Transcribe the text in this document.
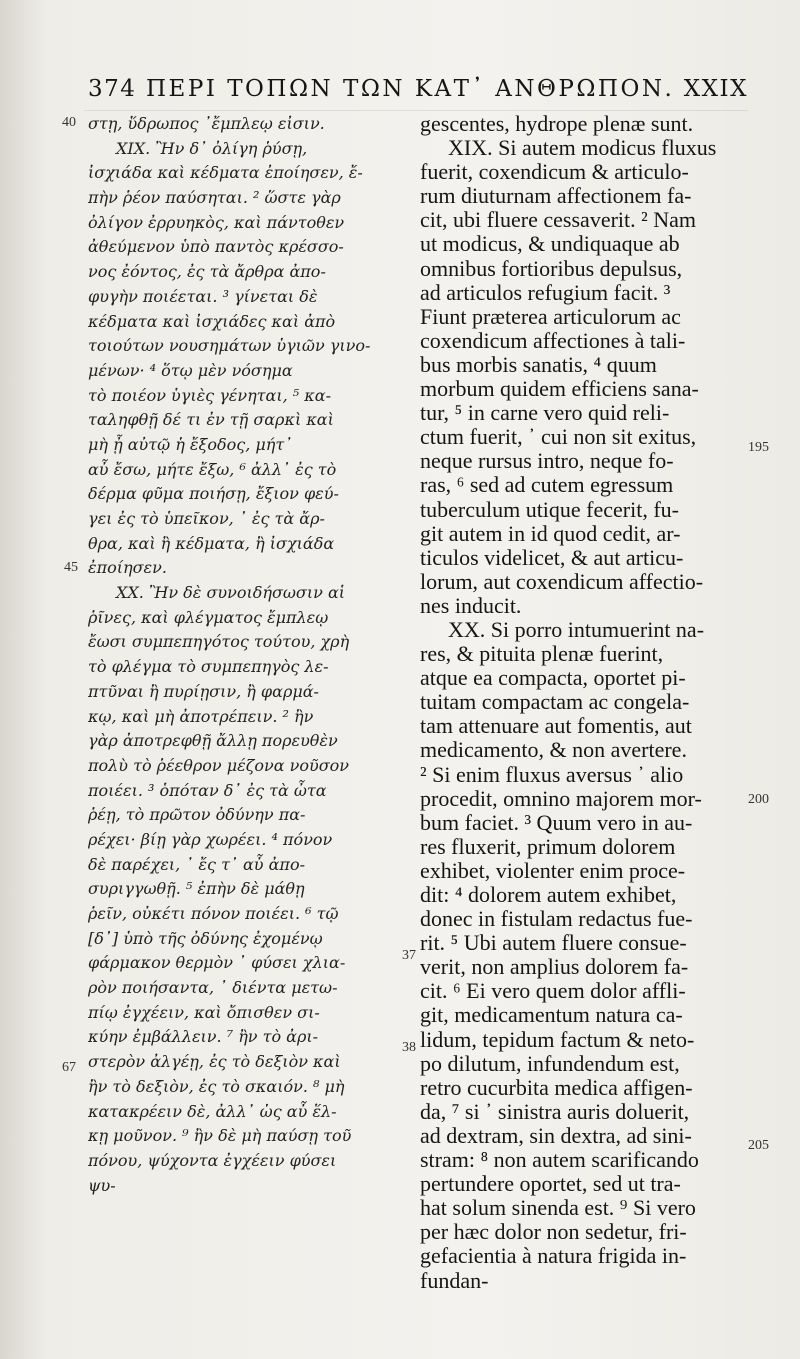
374 ΠΕΡΙ ΤΟΠΩΝ ΤΩΝ ΚΑΤ᾽ ΑΝΘΡΩΠΟΝ. XXIX
στῃ, ὕδρωπος ᾽ἔμπλεῳ εἰσιν.
XIX. Ἢν δ᾽ ὀλίγη ῥύσῃ,
ἰσχιάδα καὶ κέδματα ἐποίησεν, ἔ-
πὴν ῥέον παύσηται. ² ὥστε γὰρ
ὀλίγον ἐρρυηκὸς, καὶ πάντοθεν
ἀθεύμενον ὑπὸ παντὸς κρέσσο-
νος ἐόντος, ἐς τὰ ἄρθρα ἀπο-
φυγὴν ποιέεται. ³ γίνεται δὲ
κέδματα καὶ ἰσχιάδες καὶ ἀπὸ
τοιούτων νουσημάτων ὑγιῶν γινο-
μένων· ⁴ ὅτῳ μὲν νόσημα
τὸ ποιέον ὑγιὲς γένηται, ⁵ κα-
ταληφθῇ δέ τι ἐν τῇ σαρκὶ καὶ
μὴ ᾖ αὐτῷ ἡ ἔξοδος, μήτ᾽
αὖ ἔσω, μήτε ἔξω, ⁶ ἀλλ᾽ ἐς τὸ
δέρμα φῦμα ποιήσῃ, ἔξιον φεύ-
γει ἐς τὸ ὑπεῖκον, ᾽ ἐς τὰ ἄρ-
θρα, καὶ ἢ κέδματα, ἢ ἰσχιάδα
ἐποίησεν.
XX. Ἢν δὲ συνοιδήσωσιν αἱ
ῥῖνες, καὶ φλέγματος ἔμπλεῳ
ἔωσι συμπεπηγότος τούτου, χρὴ
τὸ φλέγμα τὸ συμπεπηγὸς λε-
πτῦναι ἢ πυρίῃσιν, ἢ φαρμά-
κῳ, καὶ μὴ ἀποτρέπειν. ² ἢν
γὰρ ἀποτρεφθῇ ἄλλῃ πορευθὲν
πολὺ τὸ ῥέεθρον μέζονα νοῦσον
ποιέει. ³ ὁπόταν δ᾽ ἐς τὰ ὦτα
ῥέῃ, τὸ πρῶτον ὀδύνην πα-
ρέχει· βίῃ γὰρ χωρέει. ⁴ πόνον
δὲ παρέχει, ᾽ ἔς τ᾽ αὖ ἀπο-
συριγγωθῇ. ⁵ ἐπὴν δὲ μάθῃ
ῥεῖν, οὐκέτι πόνον ποιέει. ⁶ τῷ
[δ᾽] ὑπὸ τῆς ὀδύνης ἐχομένῳ
φάρμακον θερμὸν ᾽ φύσει χλια-
ρὸν ποιήσαντα, ᾽ διέντα μετω-
πίῳ ἐγχέειν, καὶ ὄπισθεν σι-
κύην ἐμβάλλειν. ⁷ ἢν τὸ ἀρι-
στερὸν ἀλγέῃ, ἐς τὸ δεξιὸν καὶ
ἢν τὸ δεξιὸν, ἐς τὸ σκαιόν. ⁸ μὴ
κατακρέειν δὲ, ἀλλ᾽ ὡς αὖ ἕλ-
κῃ μοῦνον. ⁹ ἢν δὲ μὴ παύσῃ τοῦ
πόνου, ψύχοντα ἐγχέειν φύσει
ψυ-
gescentes, hydrope plenæ sunt.
XIX. Si autem modicus fluxus
fuerit, coxendicum & articulo-
rum diuturnam affectionem fa-
cit, ubi fluere cessaverit. ² Nam
ut modicus, & undiquaque ab
omnibus fortioribus depulsus,
ad articulos refugium facit. ³
Fiunt præterea articulorum ac
coxendicum affectiones à tali-
bus morbis sanatis, ⁴ quum
morbum quidem efficiens sana-
tur, ⁵ in carne vero quid reli-
ctum fuerit, ᾽ cui non sit exitus,
neque rursus intro, neque fo-
ras, ⁶ sed ad cutem egressum
tuberculum utique fecerit, fu-
git autem in id quod cedit, ar-
ticulos videlicet, & aut articu-
lorum, aut coxendicum affectio-
nes inducit.
XX. Si porro intumuerint na-
res, & pituita plenæ fuerint,
atque ea compacta, oportet pi-
tuitam compactam ac congela-
tam attenuare aut fomentis, aut
medicamento, & non avertere.
² Si enim fluxus aversus ᾽ alio
procedit, omnino majorem mor-
bum faciet. ³ Quum vero in au-
res fluxerit, primum dolorem
exhibet, violenter enim proce-
dit: ⁴ dolorem autem exhibet,
donec in fistulam redactus fue-
rit. ⁵ Ubi autem fluere consue-
verit, non amplius dolorem fa-
cit. ⁶ Ei vero quem dolor affli-
git, medicamentum natura ca-
lidum, tepidum factum & neto-
po dilutum, infundendum est,
retro cucurbita medica affigen-
da, ⁷ si ᾽ sinistra auris doluerit,
ad dextram, sin dextra, ad sini-
stram: ⁸ non autem scarificando
pertundere oportet, sed ut tra-
hat solum sinenda est. ⁹ Si vero
per hæc dolor non sedetur, fri-
gefacientia à natura frigida in-
fundan-
40
45
67
37
38
195
200
205
